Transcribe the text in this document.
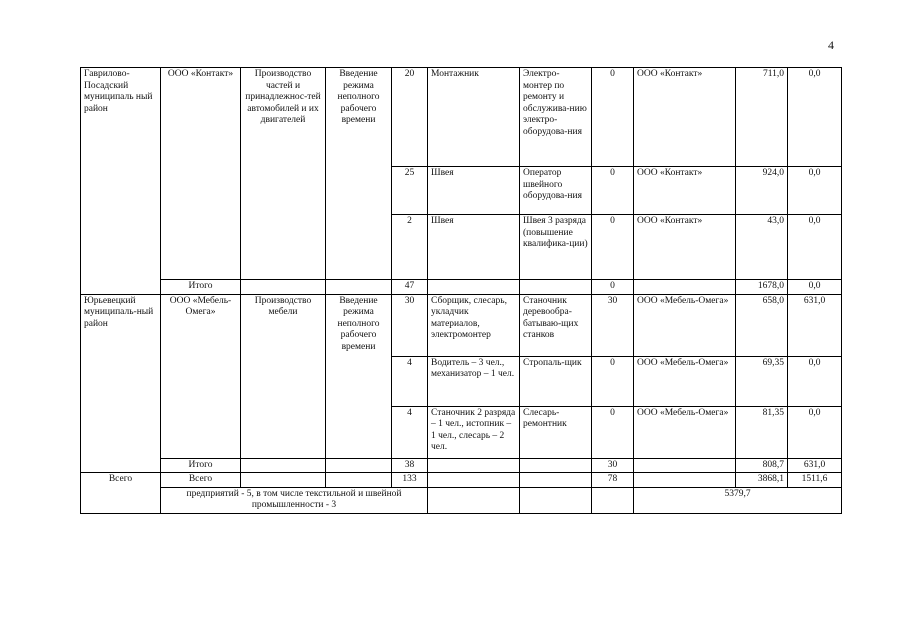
4
Гаврилово-Посадский муниципаль ный район	ООО «Контакт»	Производство частей и принадлежнос-тей автомобилей и их двигателей	Введение режима неполного рабочего времени	20	Монтажник	Электро-монтер по ремонту и обслужива-нию электро-оборудова-ния	0	ООО «Контакт»	711,0	0,0
				25	Швея	Оператор швейного оборудова-ния	0	ООО «Контакт»	924,0	0,0
				2	Швея	Швея 3 разряда (повышение квалифика-ции)	0	ООО «Контакт»	43,0	0,0
	Итого			47			0		1678,0	0,0
Юрьевецкий муниципаль-ный район	ООО «Мебель-Омега»	Производство мебели	Введение режима неполного рабочего времени	30	Сборщик, слесарь, укладчик материалов, электромонтер	Станочник деревообра-батываю-щих станков	30	ООО «Мебель-Омега»	658,0	631,0
				4	Водитель – 3 чел., механизатор – 1 чел.	Стропаль-щик	0	ООО «Мебель-Омега»	69,35	0,0
				4	Станочник 2 разряда – 1 чел., истопник – 1 чел., слесарь – 2 чел.	Слесарь-ремонтник	0	ООО «Мебель-Омега»	81,35	0,0
	Итого			38			30		808,7	631,0
Всего	Всего			133			78		3868,1	1511,6
	предприятий - 5, в том числе текстильной и швейной промышленности - 3							5379,7		
